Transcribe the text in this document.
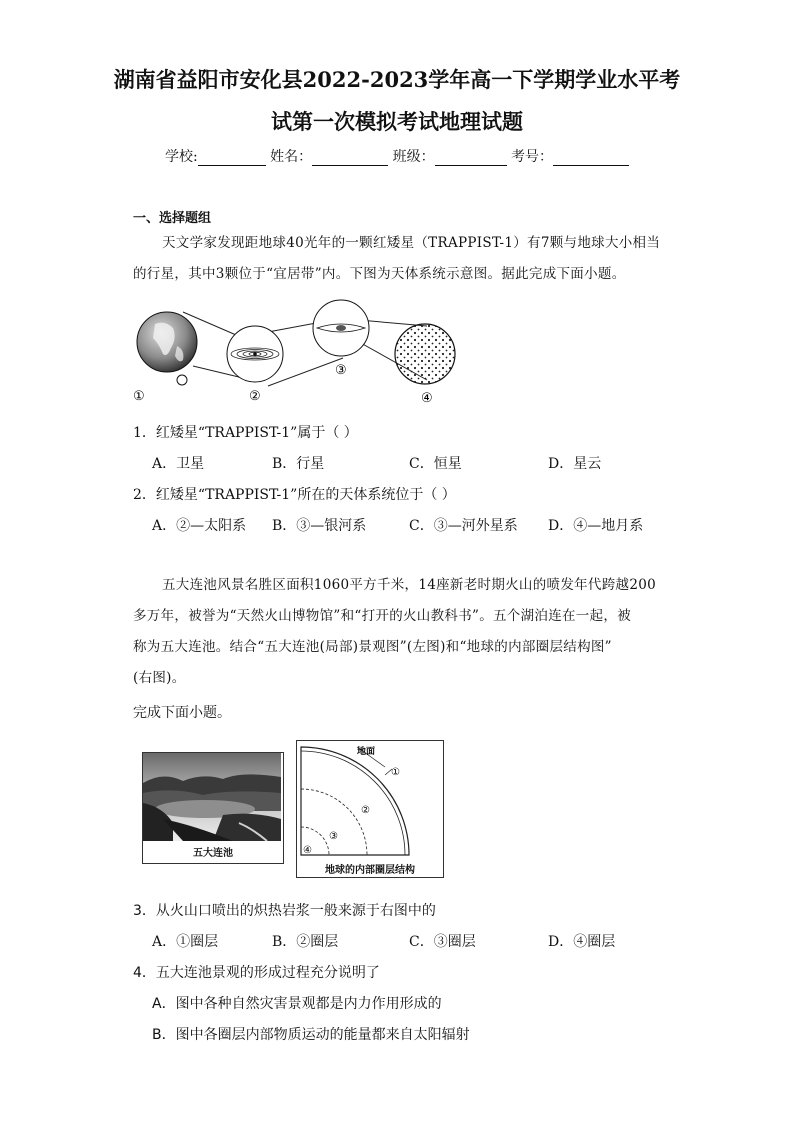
湖南省益阳市安化县2022-2023学年高一下学期学业水平考
试第一次模拟考试地理试题
学校:	姓名：	班级：	考号：
一、选择题组
天文学家发现距地球40光年的一颗红矮星（TRAPPIST-1）有7颗与地球大小相当
的行星，其中3颗位于“宜居带”内。下图为天体系统示意图。据此完成下面小题。
①	②
③
④
1．红矮星“TRAPPIST-1”属于（ ）
A．卫星	B．行星	C．恒星	D．星云
2．红矮星“TRAPPIST-1”所在的天体系统位于（ ）
A．②—太阳系 B．③—银河系	C．③—河外星系 D．④—地月系
五大连池风景名胜区面积1060平方千米，14座新老时期火山的喷发年代跨越200
多万年，被誉为“天然火山博物馆”和“打开的火山教科书”。五个湖泊连在一起，被
称为五大连池。结合“五大连池(局部)景观图”(左图)和“地球的内部圈层结构图”
(右图)。
完成下面小题。
五大连池
地面
①
②
③
④
地球的内部圈层结构
3．从火山口喷出的炽热岩浆一般来源于右图中的
A．①圈层	B．②圈层	C．③圈层	D．④圈层
4．五大连池景观的形成过程充分说明了
A．图中各种自然灾害景观都是内力作用形成的
B．图中各圈层内部物质运动的能量都来自太阳辐射
